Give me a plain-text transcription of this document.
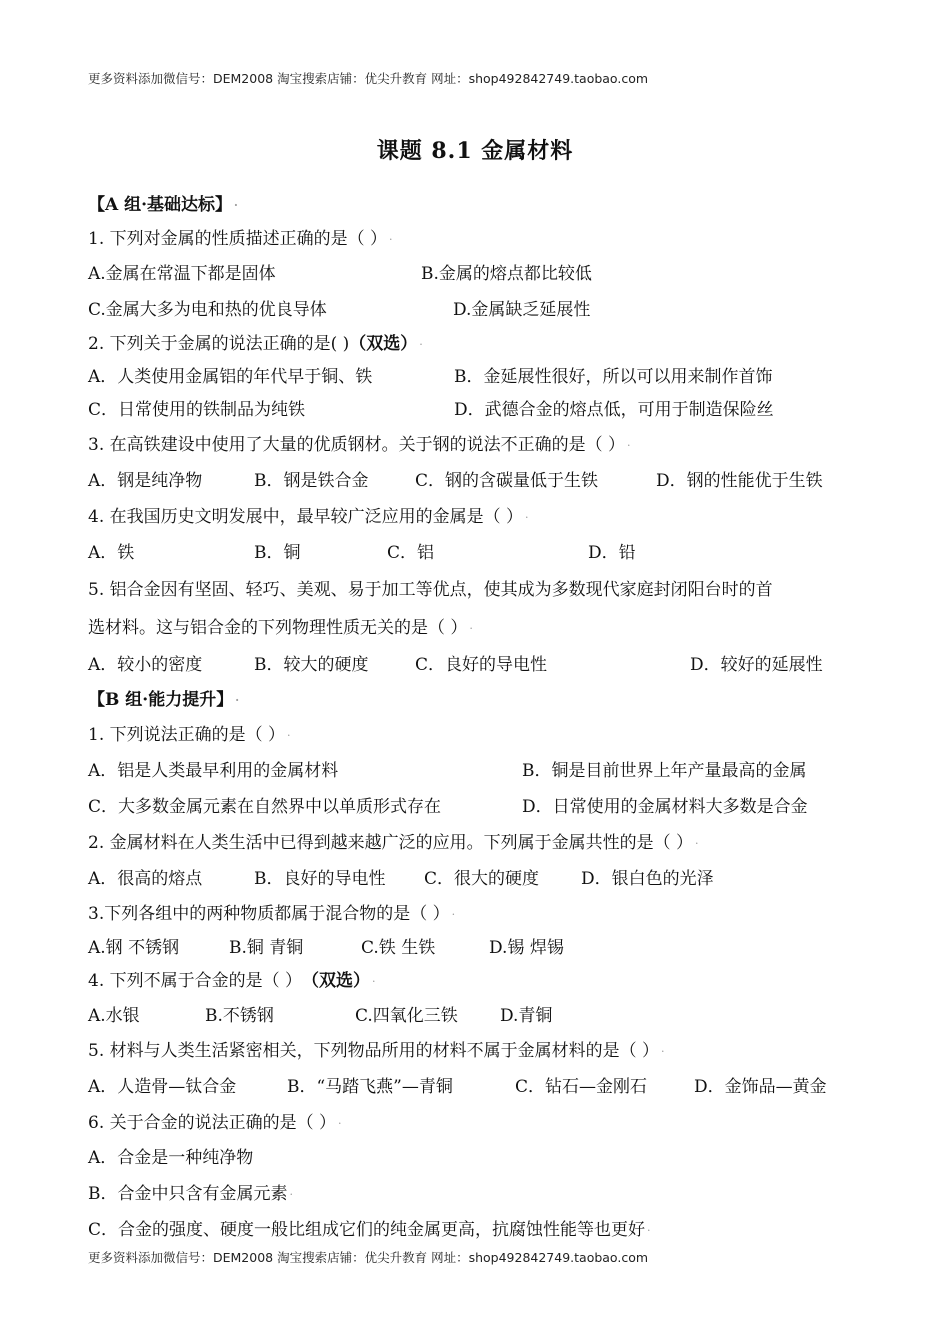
更多资料添加微信号：DEM2008 淘宝搜索店铺：优尖升教育 网址：shop492842749.taobao.com
课题 8.1 金属材料
【A 组·基础达标】 .
1. 下列对金属的性质描述正确的是（ ） .
A.金属在常温下都是固体	B.金属的熔点都比较低
C.金属大多为电和热的优良导体	D.金属缺乏延展性
2. 下列关于金属的说法正确的是( ) （双选） .
A．人类使用金属铝的年代早于铜、铁	B．金延展性很好，所以可以用来制作首饰
C．日常使用的铁制品为纯铁	D．武德合金的熔点低，可用于制造保险丝
3. 在高铁建设中使用了大量的优质钢材。关于钢的说法不正确的是（ ） .
A．钢是纯净物	B．钢是铁合金	C．钢的含碳量低于生铁	D．钢的性能优于生铁
4. 在我国历史文明发展中，最早较广泛应用的金属是（ ） .
A．铁	B．铜	C．铝	D．铅
5. 铝合金因有坚固、轻巧、美观、易于加工等优点，使其成为多数现代家庭封闭阳台时的首
选材料。这与铝合金的下列物理性质无关的是（ ） .
A．较小的密度	B．较大的硬度	C．良好的导电性	D．较好的延展性
【B 组·能力提升】 .
1. 下列说法正确的是（ ） .
A．铝是人类最早利用的金属材料	B．铜是目前世界上年产量最高的金属
C．大多数金属元素在自然界中以单质形式存在	D．日常使用的金属材料大多数是合金
2. 金属材料在人类生活中已得到越来越广泛的应用。下列属于金属共性的是（ ） .
A．很高的熔点	B．良好的导电性	C．很大的硬度	D．银白色的光泽
3.下列各组中的两种物质都属于混合物的是（ ） .
A.钢 不锈钢	B.铜 青铜	C.铁 生铁	D.锡 焊锡
4. 下列不属于合金的是（ ） （双选） .
A.水银	B.不锈钢	C.四氧化三铁	D.青铜
5. 材料与人类生活紧密相关，下列物品所用的材料不属于金属材料的是（ ） .
A．人造骨—钛合金	B．“马踏飞燕”—青铜	C．钻石—金刚石	D．金饰品—黄金
6. 关于合金的说法正确的是（ ） .
A．合金是一种纯净物
B．合金中只含有金属元素 .
C．合金的强度、硬度一般比组成它们的纯金属更高，抗腐蚀性能等也更好 .
更多资料添加微信号：DEM2008 淘宝搜索店铺：优尖升教育 网址：shop492842749.taobao.com
